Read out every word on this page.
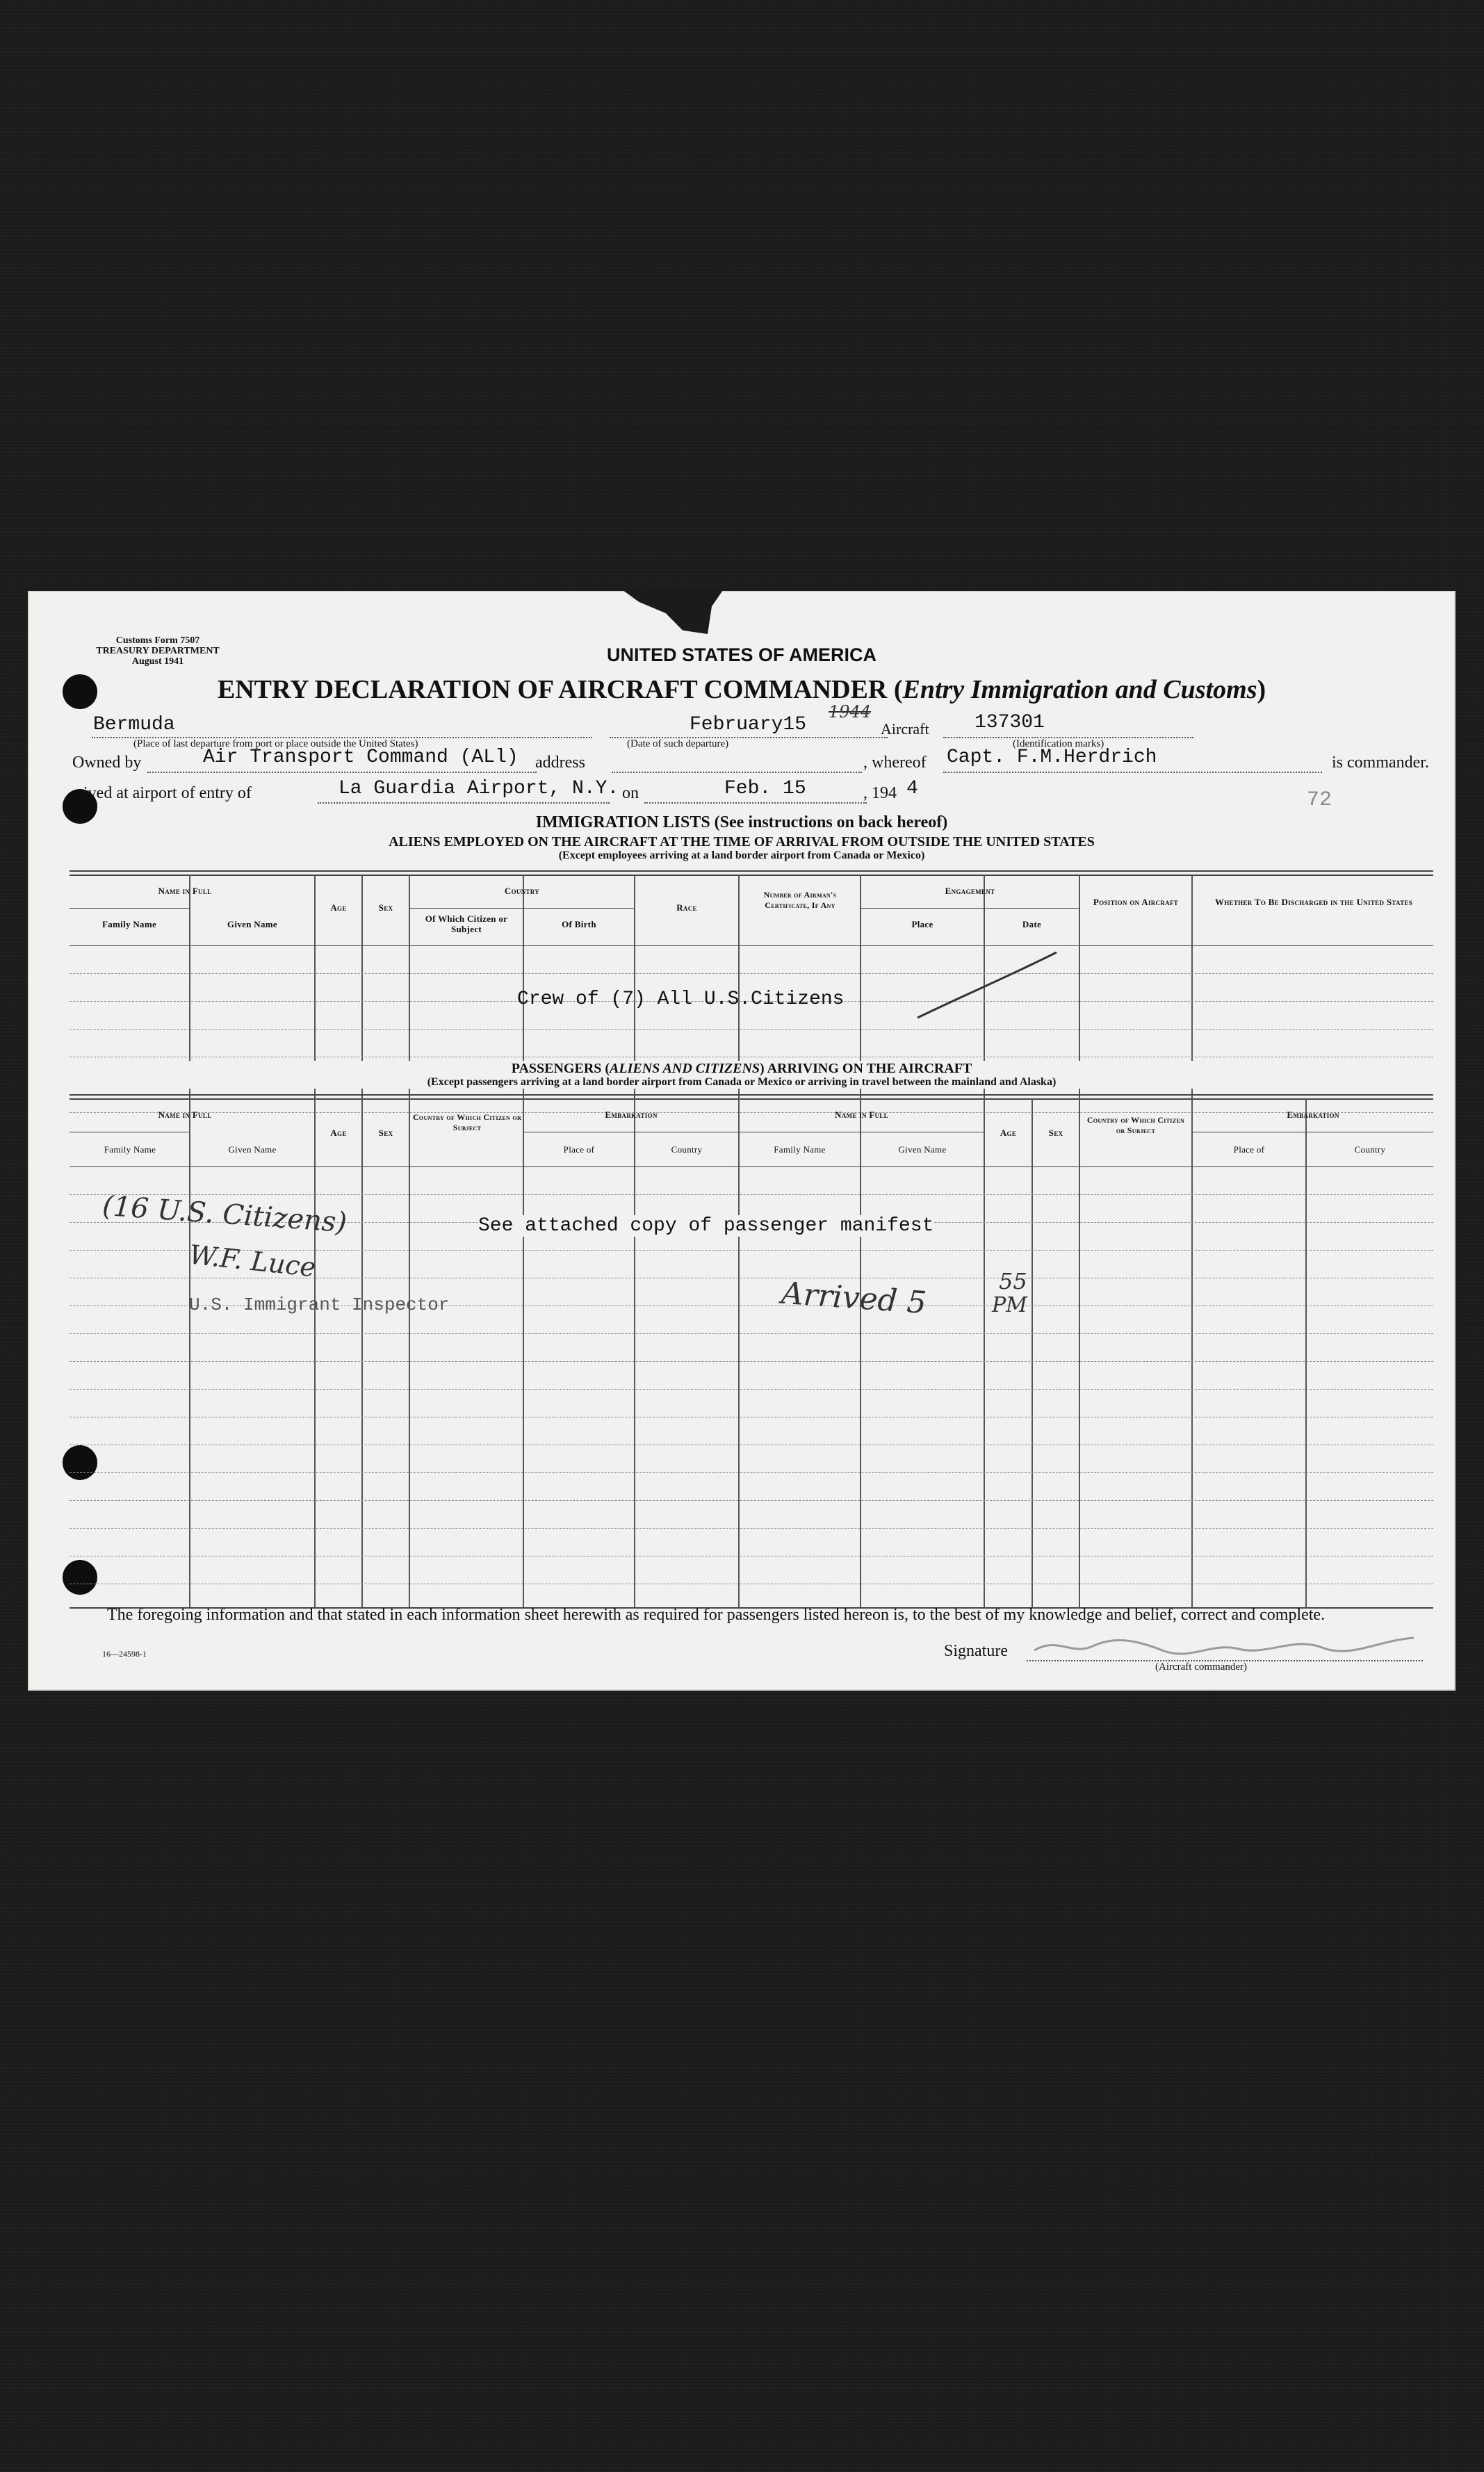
Customs Form 7507
TREASURY DEPARTMENT
August 1941	UNITED STATES OF AMERICA
ENTRY DECLARATION OF AIRCRAFT COMMANDER (Entry Immigration and Customs)
Bermuda
(Place of last departure from port or place outside the United States)
February15
1944
(Date of such departure)
Aircraft 137301
(Identification marks)
Owned by	Air Transport Command (ALl) address	, whereof Capt. F.M.Herdrich	is commander.
rived at airport of entry of	La Guardia Airport, N.Y. on	Feb. 15	, 194 4	72
IMMIGRATION LISTS (See instructions on back hereof)
ALIENS EMPLOYED ON THE AIRCRAFT AT THE TIME OF ARRIVAL FROM OUTSIDE THE UNITED STATES
(Except employees arriving at a land border airport from Canada or Mexico)
Name in Full
Family Name	Given Name
Age	Sex
Country
Of Which Citizen or Subject	Of Birth
Race
Number of Airman's Certificate, If Any
Engagement
Place	Date
Position on Aircraft	Whether To Be Discharged in the United States
Crew of (7) All U.S.Citizens
PASSENGERS (ALIENS AND CITIZENS) ARRIVING ON THE AIRCRAFT
(Except passengers arriving at a land border airport from Canada or Mexico or arriving in travel between the mainland and Alaska)
Name in Full
Family Name	Given Name
Age	Sex
Country of Which Citizen or Subject
Embarkation
Place of	Country
Name in Full
Family Name	Given Name
Age	Sex
Country of Which Citizen or Subject
Embarkation
Place of	Country
See attached copy of passenger manifest
(16 U.S. Citizens)
W.F. Luce
U.S. Immigrant Inspector	Arrived 5	55
PM
The foregoing information and that stated in each information sheet herewith as required for passengers listed hereon is, to the best of my knowledge and belief, correct and complete.
Signature
(Aircraft commander)
16—24598-1
